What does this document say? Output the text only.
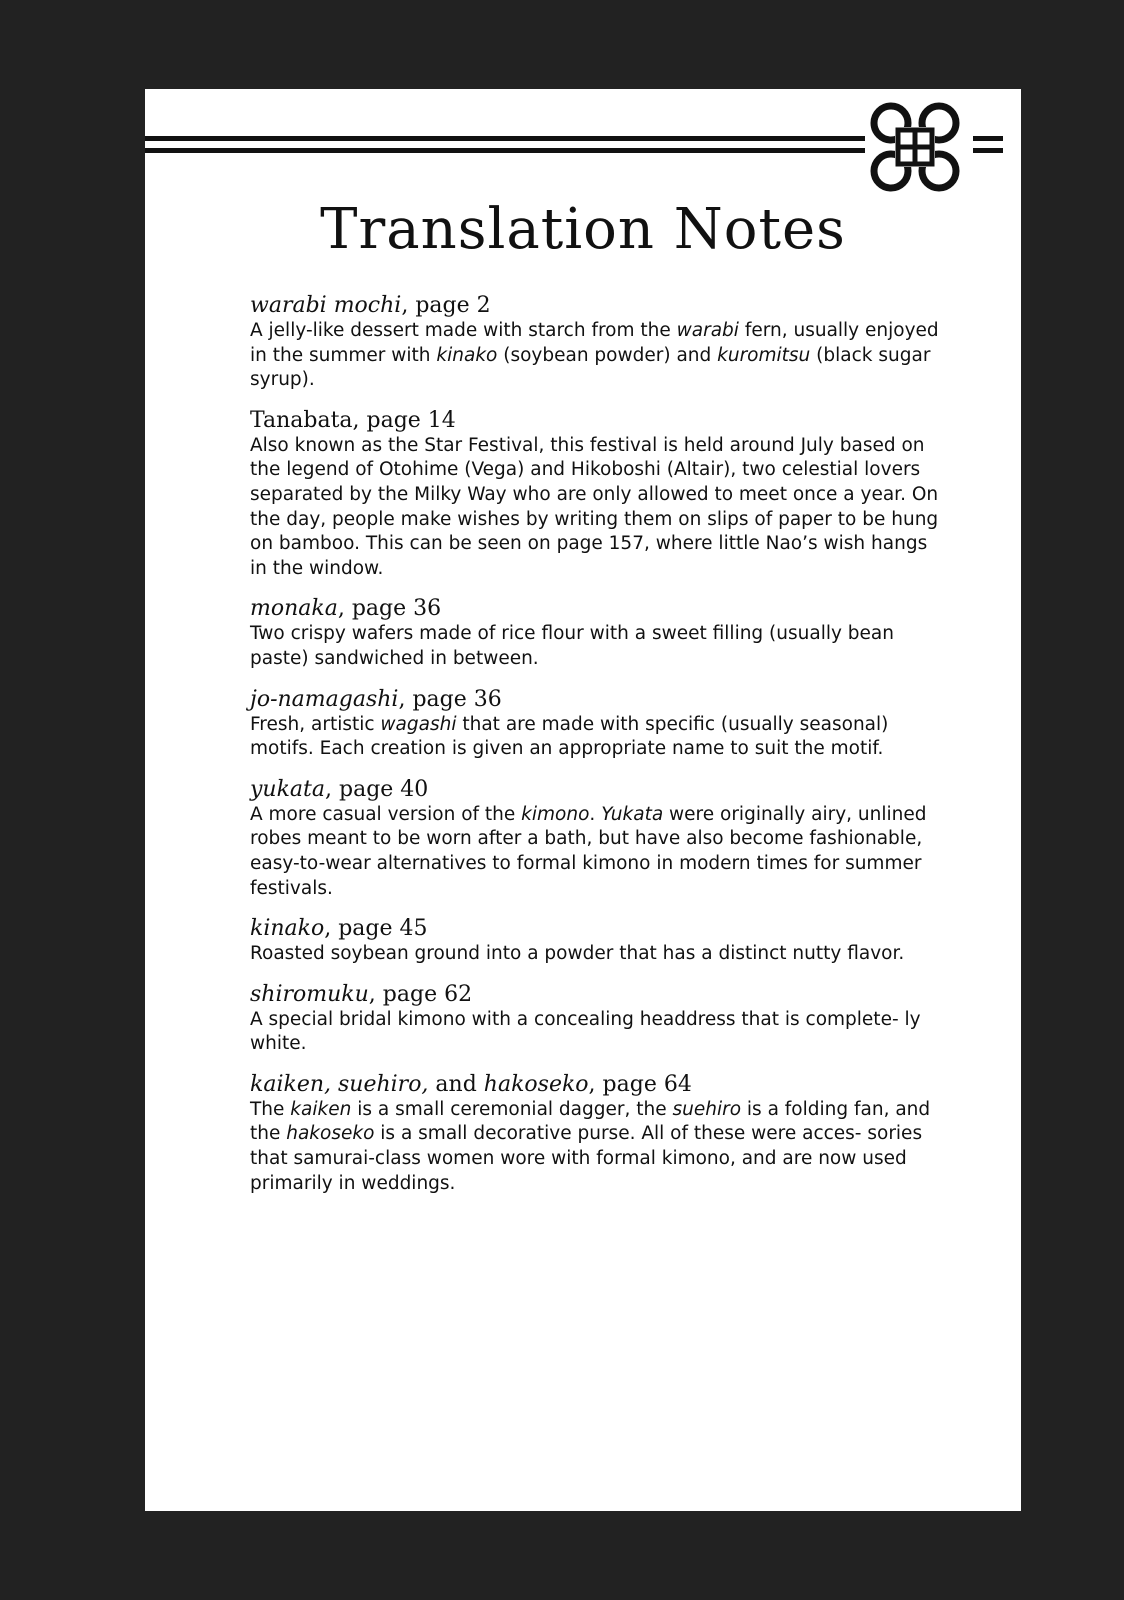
Translation Notes
warabi mochi, page 2
A jelly-like dessert made with starch from the warabi fern, usually enjoyed in the summer with kinako (soybean powder) and kuromitsu (black sugar syrup).
Tanabata, page 14
Also known as the Star Festival, this festival is held around July based on the legend of Otohime (Vega) and Hikoboshi (Altair), two celestial lovers separated by the Milky Way who are only allowed to meet once a year. On the day, people make wishes by writing them on slips of paper to be hung on bamboo. This can be seen on page 157, where little Nao’s wish hangs in the window.
monaka, page 36
Two crispy wafers made of rice flour with a sweet filling (usually bean paste) sandwiched in between.
jo-namagashi, page 36
Fresh, artistic wagashi that are made with specific (usually seasonal) motifs. Each creation is given an appropriate name to suit the motif.
yukata, page 40
A more casual version of the kimono. Yukata were originally airy, unlined robes meant to be worn after a bath, but have also become fashionable, easy-to-wear alternatives to formal kimono in modern times for summer festivals.
kinako, page 45
Roasted soybean ground into a powder that has a distinct nutty flavor.
shiromuku, page 62
A special bridal kimono with a concealing headdress that is complete- ly white.
kaiken, suehiro, and hakoseko, page 64
The kaiken is a small ceremonial dagger, the suehiro is a folding fan, and the hakoseko is a small decorative purse. All of these were acces- sories that samurai-class women wore with formal kimono, and are now used primarily in weddings.
